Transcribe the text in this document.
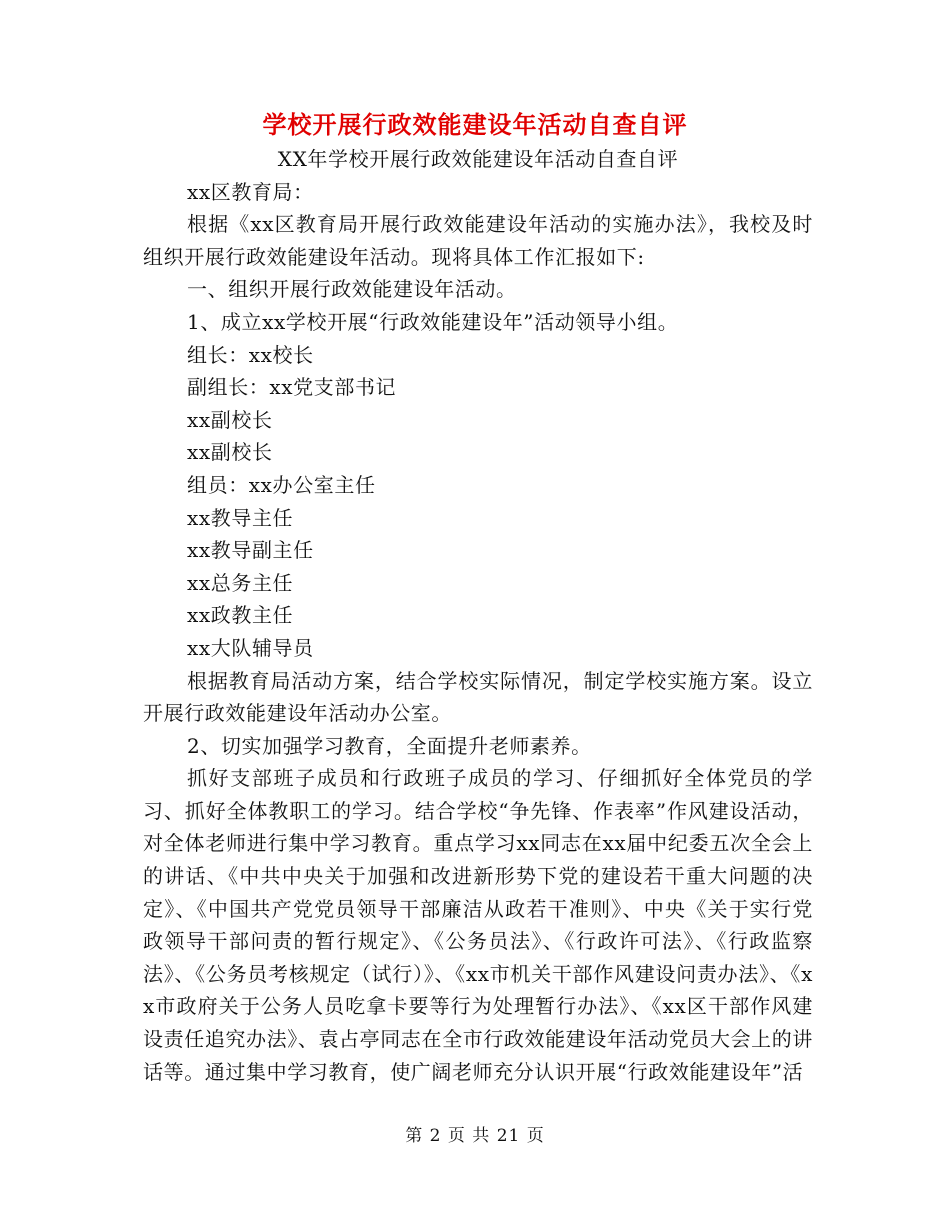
学校开展行政效能建设年活动自查自评

XX年学校开展行政效能建设年活动自查自评

xx区教育局：

根据《xx区教育局开展行政效能建设年活动的实施办法》，我校及时组织开展行政效能建设年活动。现将具体工作汇报如下:

一、组织开展行政效能建设年活动。

1、成立xx学校开展“行政效能建设年”活动领导小组。

组长：xx校长

副组长：xx党支部书记

xx副校长

xx副校长

组员：xx办公室主任

xx教导主任

xx教导副主任

xx总务主任

xx政教主任

xx大队辅导员

根据教育局活动方案，结合学校实际情况，制定学校实施方案。设立开展行政效能建设年活动办公室。

2、切实加强学习教育，全面提升老师素养。

抓好支部班子成员和行政班子成员的学习、仔细抓好全体党员的学习、抓好全体教职工的学习。结合学校“争先锋、作表率”作风建设活动，对全体老师进行集中学习教育。重点学习xx同志在xx届中纪委五次全会上的讲话、《中共中央关于加强和改进新形势下党的建设若干重大问题的决定》、《中国共产党党员领导干部廉洁从政若干准则》、中央《关于实行党政领导干部问责的暂行规定》、《公务员法》、《行政许可法》、《行政监察法》、《公务员考核规定（试行）》、《xx市机关干部作风建设问责办法》、《xx市政府关于公务人员吃拿卡要等行为处理暂行办法》、《xx区干部作风建设责任追究办法》、袁占亭同志在全市行政效能建设年活动党员大会上的讲话等。通过集中学习教育，使广阔老师充分认识开展“行政效能建设年”活

第 2 页 共 21 页
